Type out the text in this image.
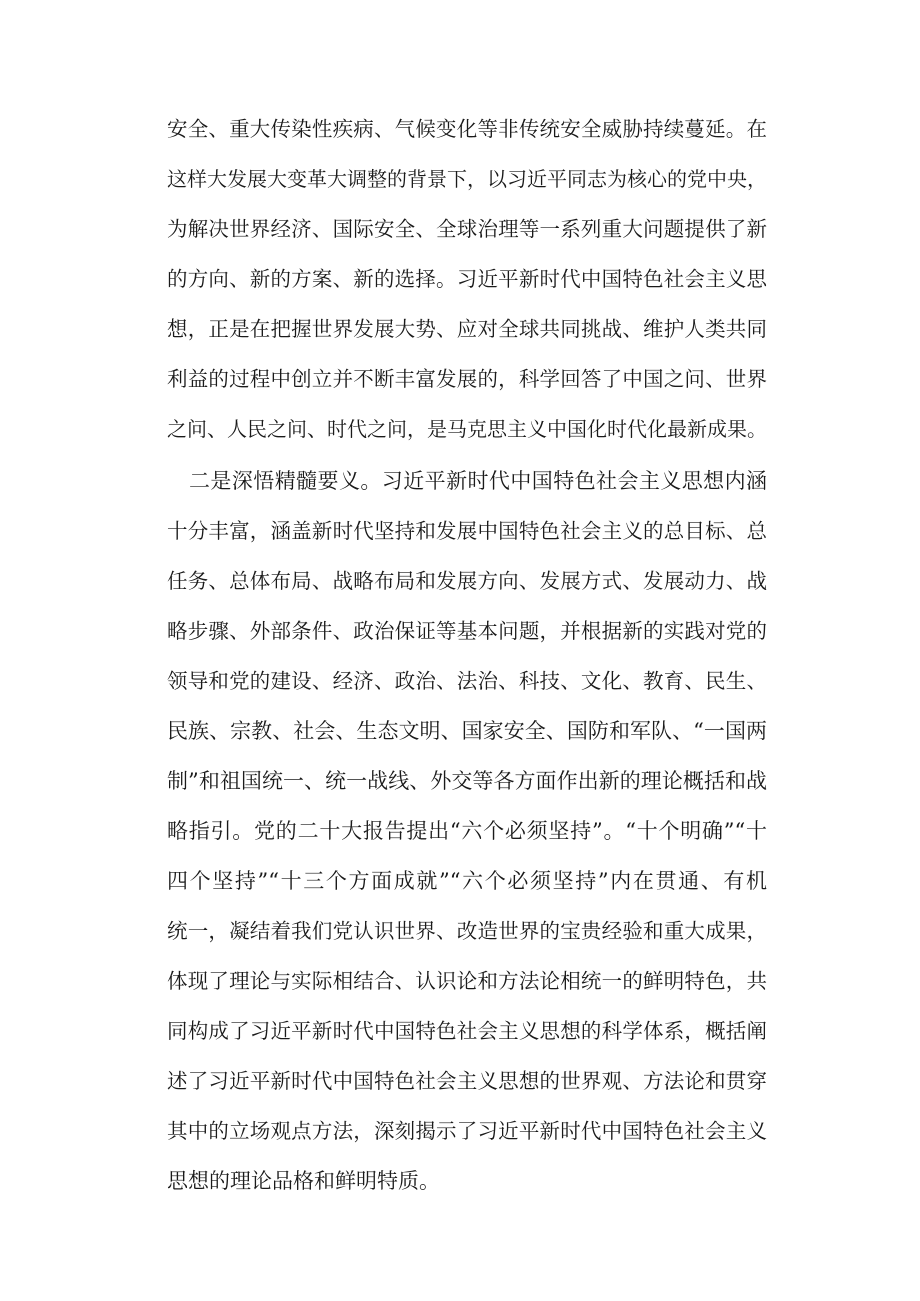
安全、重大传染性疾病、气候变化等非传统安全威胁持续蔓延。在
这样大发展大变革大调整的背景下，以习近平同志为核心的党中央，
为解决世界经济、国际安全、全球治理等一系列重大问题提供了新
的方向、新的方案、新的选择。习近平新时代中国特色社会主义思
想，正是在把握世界发展大势、应对全球共同挑战、维护人类共同
利益的过程中创立并不断丰富发展的，科学回答了中国之问、世界
之问、人民之问、时代之问，是马克思主义中国化时代化最新成果。
二是深悟精髓要义。习近平新时代中国特色社会主义思想内涵
十分丰富，涵盖新时代坚持和发展中国特色社会主义的总目标、总
任务、总体布局、战略布局和发展方向、发展方式、发展动力、战
略步骤、外部条件、政治保证等基本问题，并根据新的实践对党的
领导和党的建设、经济、政治、法治、科技、文化、教育、民生、
民族、宗教、社会、生态文明、国家安全、国防和军队、“一国两
制”和祖国统一、统一战线、外交等各方面作出新的理论概括和战
略指引。党的二十大报告提出“六个必须坚持”。“十个明确”“十
四个坚持”“十三个方面成就”“六个必须坚持”内在贯通、有机
统一，凝结着我们党认识世界、改造世界的宝贵经验和重大成果，
体现了理论与实际相结合、认识论和方法论相统一的鲜明特色，共
同构成了习近平新时代中国特色社会主义思想的科学体系，概括阐
述了习近平新时代中国特色社会主义思想的世界观、方法论和贯穿
其中的立场观点方法，深刻揭示了习近平新时代中国特色社会主义
思想的理论品格和鲜明特质。
